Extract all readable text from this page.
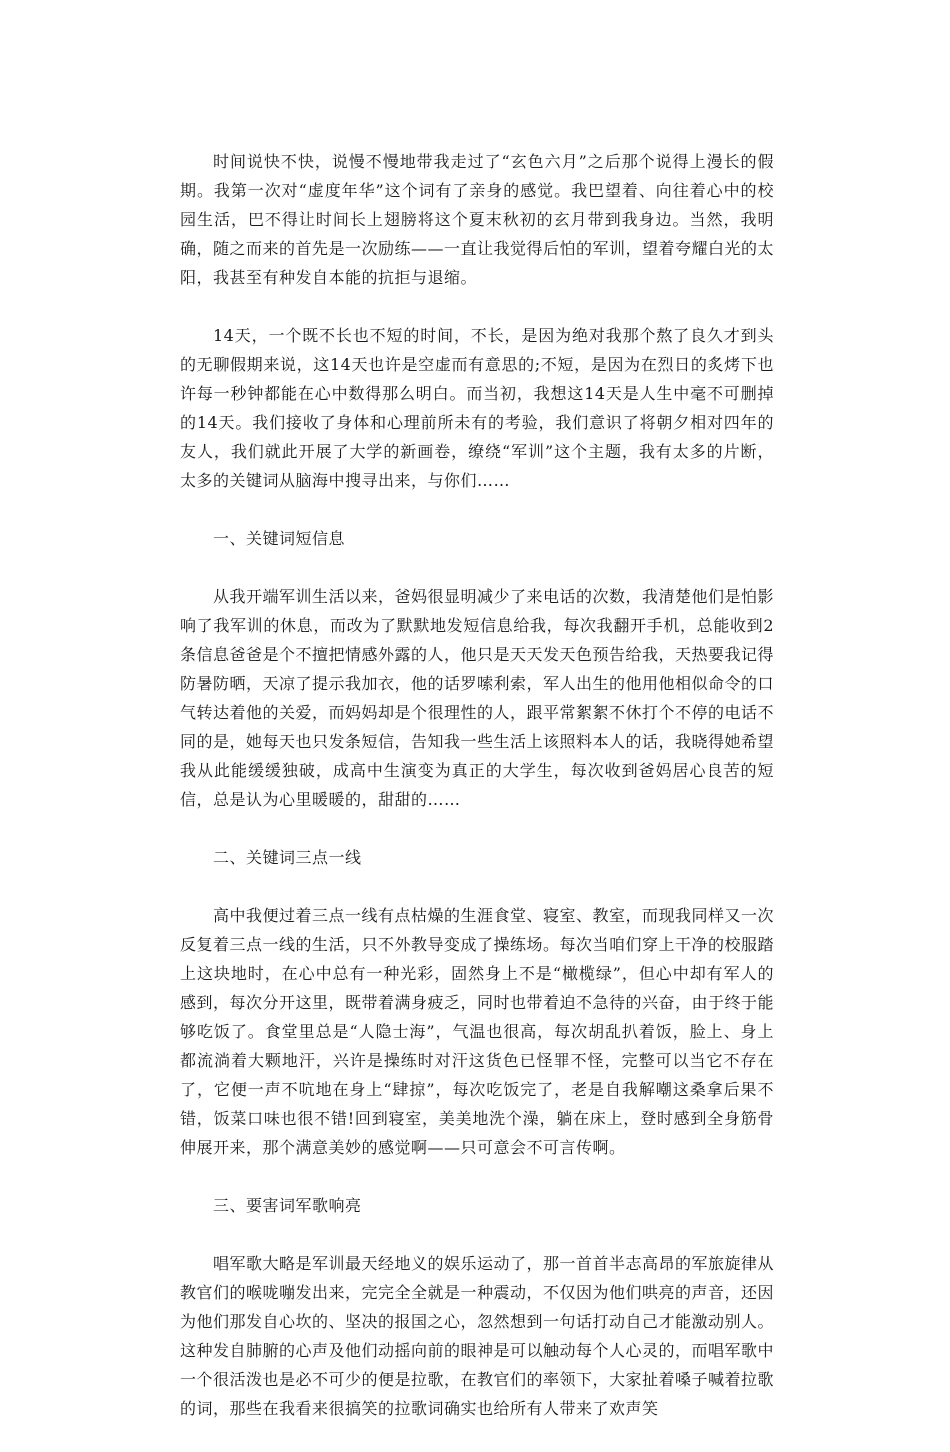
时间说快不快，说慢不慢地带我走过了“玄色六月”之后那个说得上漫长的假期。我第一次对“虚度年华”这个词有了亲身的感觉。我巴望着、向往着心中的校园生活，巴不得让时间长上翅膀将这个夏末秋初的玄月带到我身边。当然，我明确，随之而来的首先是一次励练——一直让我觉得后怕的军训，望着夸耀白光的太阳，我甚至有种发自本能的抗拒与退缩。

14天，一个既不长也不短的时间，不长，是因为绝对我那个熬了良久才到头的无聊假期来说，这14天也许是空虚而有意思的;不短，是因为在烈日的炙烤下也许每一秒钟都能在心中数得那么明白。而当初，我想这14天是人生中毫不可删掉的14天。我们接收了身体和心理前所未有的考验，我们意识了将朝夕相对四年的友人，我们就此开展了大学的新画卷，缭绕“军训”这个主题，我有太多的片断，太多的关键词从脑海中搜寻出来，与你们……

一、关键词短信息

从我开端军训生活以来，爸妈很显明减少了来电话的次数，我清楚他们是怕影响了我军训的休息，而改为了默默地发短信息给我，每次我翻开手机，总能收到2条信息爸爸是个不擅把情感外露的人，他只是天天发天色预告给我，天热要我记得防暑防晒，天凉了提示我加衣，他的话罗嗦利索，军人出生的他用他相似命令的口气转达着他的关爱，而妈妈却是个很理性的人，跟平常絮絮不休打个不停的电话不同的是，她每天也只发条短信，告知我一些生活上该照料本人的话，我晓得她希望我从此能缓缓独破，成高中生演变为真正的大学生，每次收到爸妈居心良苦的短信，总是认为心里暖暖的，甜甜的……

二、关键词三点一线

高中我便过着三点一线有点枯燥的生涯食堂、寝室、教室，而现我同样又一次反复着三点一线的生活，只不外教导变成了操练场。每次当咱们穿上干净的校服踏上这块地时，在心中总有一种光彩，固然身上不是“橄榄绿”，但心中却有军人的感到，每次分开这里，既带着满身疲乏，同时也带着迫不急待的兴奋，由于终于能够吃饭了。食堂里总是“人隐士海”，气温也很高，每次胡乱扒着饭，脸上、身上都流淌着大颗地汗，兴许是操练时对汗这货色已怪罪不怪，完整可以当它不存在了，它便一声不吭地在身上“肆掠”，每次吃饭完了，老是自我解嘲这桑拿后果不错，饭菜口味也很不错!回到寝室，美美地洗个澡，躺在床上，登时感到全身筋骨伸展开来，那个满意美妙的感觉啊——只可意会不可言传啊。

三、要害词军歌响亮

唱军歌大略是军训最天经地义的娱乐运动了，那一首首半志高昂的军旅旋律从教官们的喉咙嘣发出来，完完全全就是一种震动，不仅因为他们哄亮的声音，还因为他们那发自心坎的、坚决的报国之心，忽然想到一句话打动自己才能激动别人。这种发自肺腑的心声及他们动摇向前的眼神是可以触动每个人心灵的，而唱军歌中一个很活泼也是必不可少的便是拉歌，在教官们的率领下，大家扯着嗓子喊着拉歌的词，那些在我看来很搞笑的拉歌词确实也给所有人带来了欢声笑
